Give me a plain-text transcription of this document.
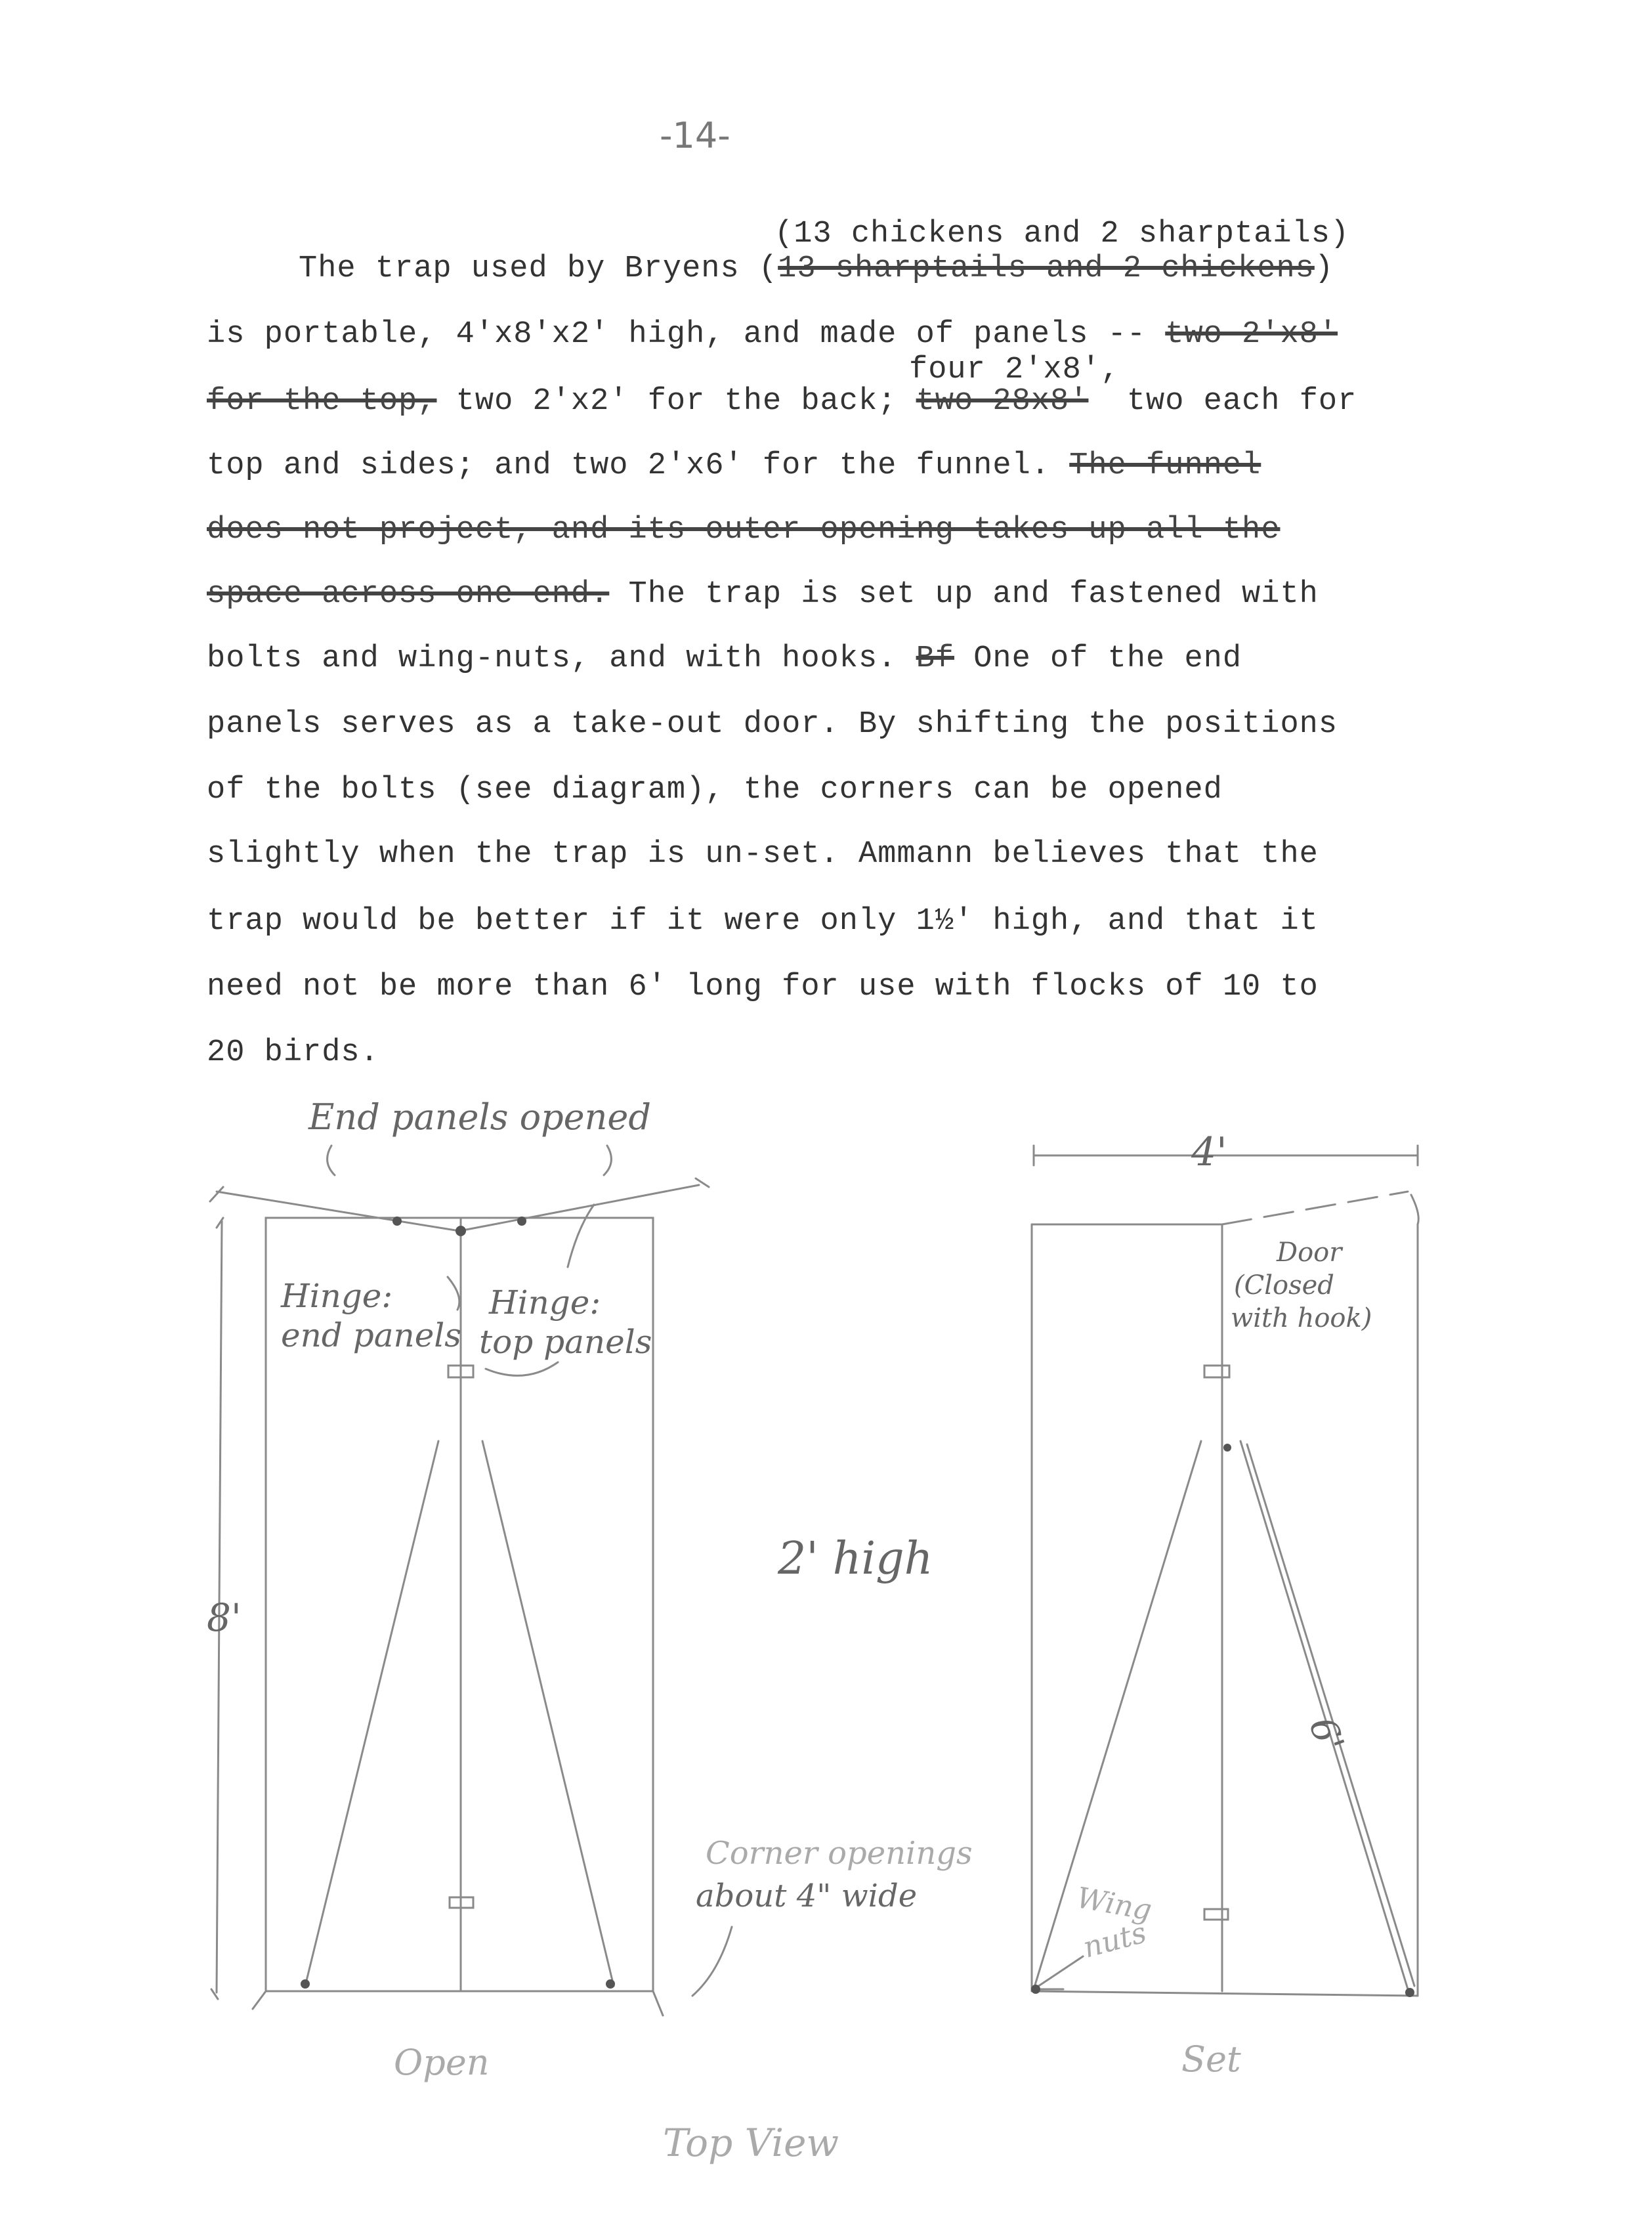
-14-
(13 chickens and 2 sharptails)
The trap used by Bryens (13 sharptails and 2 chickens)
is portable, 4'x8'x2' high, and made of panels -- two 2'x8'
four 2'x8',
for the top, two 2'x2' for the back; two 28x8'  two each for
top and sides; and two 2'x6' for the funnel. The funnel
does not project, and its outer opening takes up all the
space across one end. The trap is set up and fastened with
bolts and wing-nuts, and with hooks. Bf One of the end
panels serves as a take-out door. By shifting the positions
of the bolts (see diagram), the corners can be opened
slightly when the trap is un-set. Ammann believes that the
trap would be better if it were only 1½' high, and that it
need not be more than 6' long for use with flocks of 10 to
20 birds.
End panels opened
Hinge:
end panels
Hinge:
top panels
8'
2' high
Corner openings
about 4" wide
Open
Top View
4'
Door
(Closed
with hook)
6'
Wing
nuts
Set
